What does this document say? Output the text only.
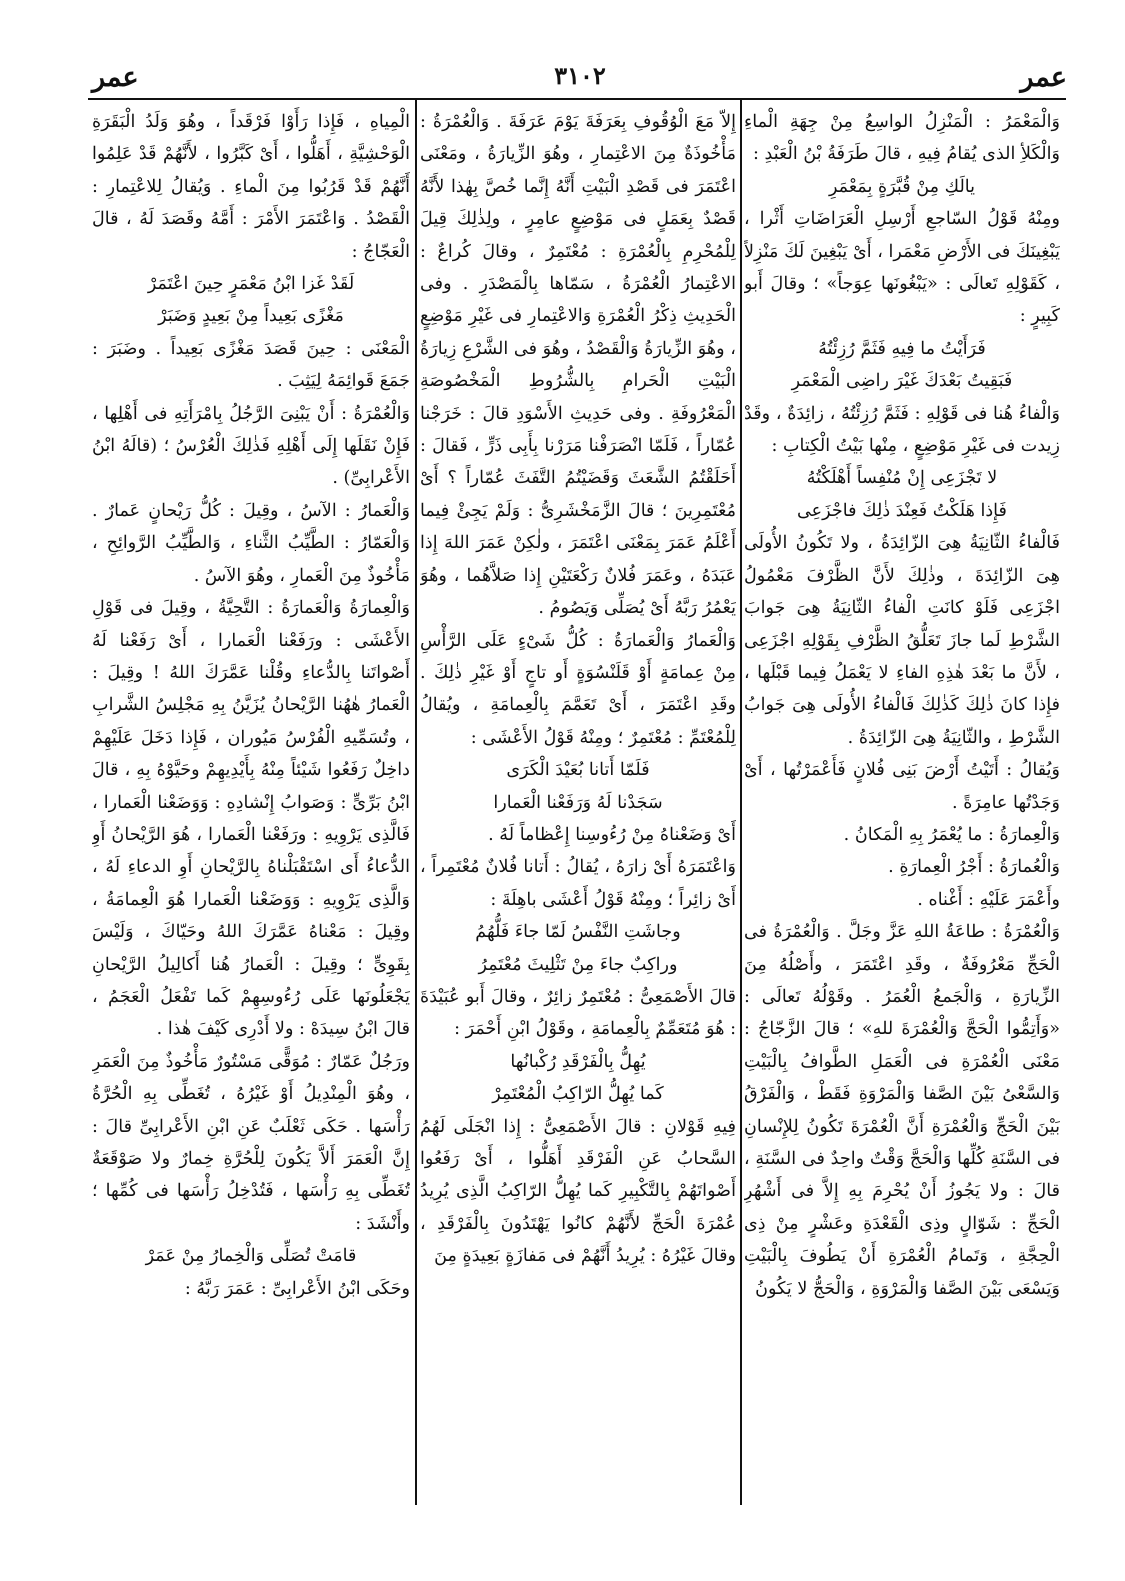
عمر
٣١٠٢
عمر

وَالْمَعْمَرُ : الْمَنْزِلُ الواسِعُ مِنْ جِهَةِ الْماءِ وَالْكَلأِ الذى يُقامُ فِيهِ ، قالَ طَرَفَةُ بْنُ الْعَبْدِ :

يالَكِ مِنْ قُبَّرَةٍ بِمَعْمَرِ

ومِنْهُ قَوْلُ السّاجعِ أَرْسِلِ الْعَرَاضَاتِ أَثْرا ، يَبْغِينَكَ فى الأَرْضِ مَعْمَرا ، أَىْ يَبْغِينَ لَكَ مَنْزِلاً ، كَقَوْلِهِ تَعالَى : «يَبْغُونَها عِوَجاً» ؛ وقالَ أَبو كَبِيرٍ :

فَرَأَيْتُ ما فِيهِ فَثَمَّ رُزِئْتُهُ

فَبَقِيتُ بَعْدَكَ غَيْرَ راضِى الْمَعْمَرِ

وَالْفاءُ هُنا فى قَوْلِهِ : فَثَمَّ رُزِئْتُهُ ، زائِدَةٌ ، وقَدْ زِيدت فى غَيْرِ مَوْضِعٍ ، مِنْها بَيْتُ الْكِتابِ :

لا تَجْزَعِى إِنْ مُنْفِساً أَهْلَكْتُهُ

فَإِذا هَلَكْتُ فَعِنْدَ ذٰلِكَ فاجْزَعِى

فَالْفاءُ الثّانِيَةُ هِىَ الزّائِدَةُ ، ولا تَكُونُ الأُولَى هِىَ الزّائِدَةَ ، وذٰلِكَ لأَنَّ الظَّرْفَ مَعْمُولُ اجْزَعِى فَلَوْ كانَتِ الْفاءُ الثّانِيَةُ هِىَ جَوابَ الشَّرْطِ لَما جازَ تَعَلُّقُ الظَّرْفِ بِقَوْلِهِ اجْزَعِى ، لأَنَّ ما بَعْدَ هٰذِهِ الفاءِ لا يَعْمَلُ فِيما قَبْلَها ، فإِذا كانَ ذٰلِكَ كَذٰلِكَ فَالْفاءُ الأُولَى هِىَ جَوابُ الشَّرْطِ ، والثّانِيَةُ هِىَ الزّائِدَةُ .

وَيُقالُ : أَتَيْتُ أَرْضَ بَنِى فُلانٍ فَأَعْمَرْتُها ، أَىْ وَجَدْتُها عامِرَةً .

وَالْعِمارَةُ : ما يُعْمَرُ بِهِ الْمَكانُ .

وَالْعُمارَةُ : أَجْرُ الْعِمارَةِ .

وأَعْمَرَ عَلَيْهِ : أَغْناه .

وَالْعُمْرَةُ : طاعَةُ اللهِ عَزَّ وجَلَّ . وَالْعُمْرَةُ فى الْحَجِّ مَعْرُوفَةٌ ، وقَدِ اعْتَمَرَ ، وأَصْلُهُ مِنَ الزِّيارَةِ ، وَالْجَمعُ الْعُمَرُ . وقَوْلُهُ تَعالَى : «وَأَتِمُّوا الْحَجَّ وَالْعُمْرَةَ للهِ» ؛ قالَ الزَّجّاجُ : مَعْنَى الْعُمْرَةِ فى الْعَمَلِ الطَّوافُ بِالْبَيْتِ وَالسَّعْىُ بَيْنَ الصَّفا وَالْمَرْوَةِ فَقَطْ ، وَالْفَرْقُ بَيْنَ الْحَجِّ وَالْعُمْرَةِ أَنَّ الْعُمْرَةَ تَكُونُ لِلإِنْسانِ فى السَّنَةِ كُلِّها وَالْحَجَّ وَقْتٌ واحِدٌ فى السَّنَةِ ، قالَ : ولا يَجُوزُ أَنْ يُحْرِمَ بِهِ إِلاَّ فى أَشْهُرِ الْحَجِّ : شَوّالٍ وذِى الْقَعْدَةِ وعَشْرٍ مِنْ ذِى الْحِجَّةِ ، وَتَمامُ الْعُمْرَةِ أَنْ يَطُوفَ بِالْبَيْتِ وَيَسْعَى بَيْنَ الصَّفا وَالْمَرْوَةِ ، وَالْحَجُّ لا يَكُونُ

إِلاّ مَعَ الْوُقُوفِ بِعَرَفَةَ يَوْمَ عَرَفَةَ . وَالْعُمْرَةُ : مَأْخُوذَةٌ مِنَ الاعْتِمارِ ، وهُوَ الزِّيارَةُ ، ومَعْنَى اعْتَمَرَ فى قَصْدِ الْبَيْتِ أَنَّهُ إِنَّما خُصَّ بِهٰذا لأَنَّهُ قَصْدٌ بِعَمَلٍ فى مَوْضِعٍ عامِرٍ ، ولِذٰلِكَ قِيلَ لِلْمُحْرِمِ بِالْعُمْرَةِ : مُعْتَمِرٌ ، وقالَ كُراعٌ : الاعْتِمارُ الْعُمْرَةُ ، سَمّاها بِالْمَصْدَرِ . وفى الْحَدِيثِ ذِكْرُ الْعُمْرَةِ وَالاعْتِمارِ فى غَيْرِ مَوْضِعٍ ، وهُوَ الزِّيارَةُ وَالْقَصْدُ ، وهُوَ فى الشَّرْعِ زِيارَةُ الْبَيْتِ الْحَرامِ بِالشُّرُوطِ الْمَخْصُوصَةِ الْمَعْرُوفَةِ . وفى حَدِيثِ الأَسْوَدِ قالَ : خَرَجْنا عُمّاراً ، فَلَمّا انْصَرَفْنا مَرَرْنا بِأَبِى ذَرٍّ ، فَقالَ : أَحَلَقْتُمُ الشَّعَثَ وَقَضَيْتُمُ التَّفَثَ عُمّاراً ؟ أَىْ مُعْتَمِرِينَ ؛ قالَ الزَّمَخْشَرِىُّ : وَلَمْ يَجِئْ فِيما أَعْلَمُ عَمَرَ بِمَعْنَى اعْتَمَرَ ، ولٰكِنْ عَمَرَ اللهَ إِذا عَبَدَهُ ، وعَمَرَ فُلانٌ رَكْعَتَيْنِ إِذا صَلاَّهُما ، وهُوَ يَعْمُرُ رَبَّهُ أَىْ يُصَلِّى وَيَصُومُ .

وَالْعَمارُ وَالْعَمارَةُ : كُلُّ شَىْءٍ عَلَى الرَّأْسِ مِنْ عِمامَةٍ أَوْ قَلَنْسُوَةٍ أَو تاجٍ أَوْ غَيْرِ ذٰلِكَ . وقَدِ اعْتَمَرَ ، أَىْ تَعَمَّمَ بِالْعِمامَةِ ، ويُقالُ لِلْمُعْتَمِّ : مُعْتَمِرٌ ؛ ومِنْهُ قَوْلُ الأَعْشَى :

فَلَمّا أَتانا بُعَيْدَ الْكَرَى

سَجَدْنا لَهُ وَرَفَعْنا الْعَمارا

أَىْ وَضَعْناهُ مِنْ رُءُوسِنا إِعْظاماً لَهُ .

وَاعْتَمَرَهُ أَىْ زارَهُ ، يُقالُ : أَتانا فُلانٌ مُعْتَمِراً ، أَىْ زائِراً ؛ ومِنْهُ قَوْلُ أَعْشَى باهِلَةَ :

وجاشَتِ النَّفْسُ لَمّا جاءَ فَلُّهُمُ

وراكِبٌ جاءَ مِنْ تَثْلِيثَ مُعْتَمِرُ

قالَ الأَصْمَعِىُّ : مُعْتَمِرٌ زائِرٌ ، وقالَ أَبو عُبَيْدَةَ : هُوَ مُتَعَمِّمٌ بِالْعِمامَةِ ، وقَوْلُ ابْنِ أَحْمَرَ :

يُهِلُّ بِالْفَرْقَدِ رُكْبانُها

كَما يُهِلُّ الرّاكِبُ الْمُعْتَمِرْ

فِيهِ قَوْلانِ : قالَ الأَصْمَعِىُّ : إِذا انْجَلَى لَهُمُ السَّحابُ عَنِ الْفَرْقَدِ أَهَلُّوا ، أَىْ رَفَعُوا أَصْواتَهُمْ بِالتَّكْبِيرِ كَما يُهِلُّ الرّاكِبُ الَّذِى يُرِيدُ عُمْرَةَ الْحَجِّ لأَنَّهُمْ كانُوا يَهْتَدُونَ بِالْفَرْقَدِ ، وقالَ غَيْرُهُ : يُرِيدُ أَنَّهُمْ فى مَفازَةٍ بَعِيدَةٍ مِنَ

الْمِياهِ ، فَإِذا رَأَوْا فَرْقَداً ، وهُوَ وَلَدُ الْبَقَرَةِ الْوَحْشِيَّةِ ، أَهَلُّوا ، أَىْ كَبَّرُوا ، لأَنَّهُمْ قَدْ عَلِمُوا أَنَّهُمْ قَدْ قَرُبُوا مِنَ الْماءِ . وَيُقالُ لِلاعْتِمارِ : الْقَصْدُ . وَاعْتَمَرَ الأَمْرَ : أَمَّهُ وقَصَدَ لَهُ ، قالَ الْعَجّاجُ :

لَقَدْ غَزا ابْنُ مَعْمَرٍ حِينَ اعْتَمَرْ

مَغْزًى بَعِيداً مِنْ بَعِيدٍ وَضَبَرْ

الْمَعْنَى : حِينَ قَصَدَ مَغْزًى بَعِيداً . وضَبَرَ : جَمَعَ قَوائِمَهُ لِيَثِبَ .

وَالْعُمْرَةُ : أَنْ يَبْنِىَ الرَّجُلُ بِامْرَأَتِهِ فى أَهْلِها ، فَإِنْ نَقَلَها إِلَى أَهْلِهِ فَذٰلِكَ الْعُرْسُ ؛ (قالَهُ ابْنُ الأَعْرابِىِّ) .

وَالْعَمارُ : الآسُ ، وقِيلَ : كُلُّ رَيْحانٍ عَمارٌ . وَالْعَمّارُ : الطَّيِّبُ الثَّناءِ ، وَالطَّيِّبُ الرَّوائِحِ ، مَأْخُوذٌ مِنَ الْعَمارِ ، وهُوَ الآسُ .

وَالْعِمارَةُ وَالْعَمارَةُ : التَّحِيَّةُ ، وقِيلَ فى قَوْلِ الأَعْشَى : ورَفَعْنا الْعَمارا ، أَىْ رَفَعْنا لَهُ أَصْواتَنا بِالدُّعاءِ وقُلْنا عَمَّرَكَ اللهُ ! وقِيلَ : الْعَمارُ هٰهُنا الرَّيْحانُ يُزَيَّنُ بِهِ مَجْلِسُ الشَّرابِ ، وتُسَمِّيهِ الْفُرْسُ مَيُوران ، فَإِذا دَخَلَ عَلَيْهِمْ داخِلٌ رَفَعُوا شَيْئاً مِنْهُ بِأَيْدِيهِمْ وحَيَّوْهُ بِهِ ، قالَ ابْنُ بَرِّىٍّ : وَصَوابُ إِنْشادِهِ : وَوَضَعْنا الْعَمارا ، فَالَّذِى يَرْوِيهِ : ورَفَعْنا الْعَمارا ، هُوَ الرَّيْحانُ أَوِ الدُّعاءُ أَى اسْتَقْبَلْناهُ بِالرَّيْحانِ أَوِ الدعاءِ لَهُ ، وَالَّذِى يَرْوِيهِ : وَوَضَعْنا الْعَمارا هُوَ الْعِمامَةُ ، وقِيلَ : مَعْناهُ عَمَّرَكَ اللهُ وحَيّاكَ ، وَلَيْسَ بِقَوِىٍّ ؛ وقِيلَ : الْعَمارُ هُنا أَكالِيلُ الرَّيْحانِ يَجْعَلُونَها عَلَى رُءُوسِهِمْ كَما تَفْعَلُ الْعَجَمُ ، قالَ ابْنُ سِيدَهْ : ولا أَدْرِى كَيْفَ هٰذا .

ورَجُلٌ عَمّارٌ : مُوَقًّى مَسْتُورٌ مَأْخُوذٌ مِنَ الْعَمَرِ ، وهُوَ الْمِنْدِيلُ أَوْ غَيْرُهُ ، تُغَطِّى بِهِ الْحُرَّةُ رَأْسَها . حَكَى ثَعْلَبٌ عَنِ ابْنِ الأَعْرابِىِّ قالَ : إِنَّ الْعَمَرَ أَلاَّ يَكُونَ لِلْحُرَّةِ خِمارٌ ولا صَوْقَعَةٌ تُغَطِّى بِهِ رَأْسَها ، فَتُدْخِلُ رَأْسَها فى كُمِّها ؛ وأَنْشَدَ :

قامَتْ تُصَلِّى وَالْخِمارُ مِنْ عَمَرْ

وحَكَى ابْنُ الأَعْرابِىِّ : عَمَرَ رَبَّهُ :
